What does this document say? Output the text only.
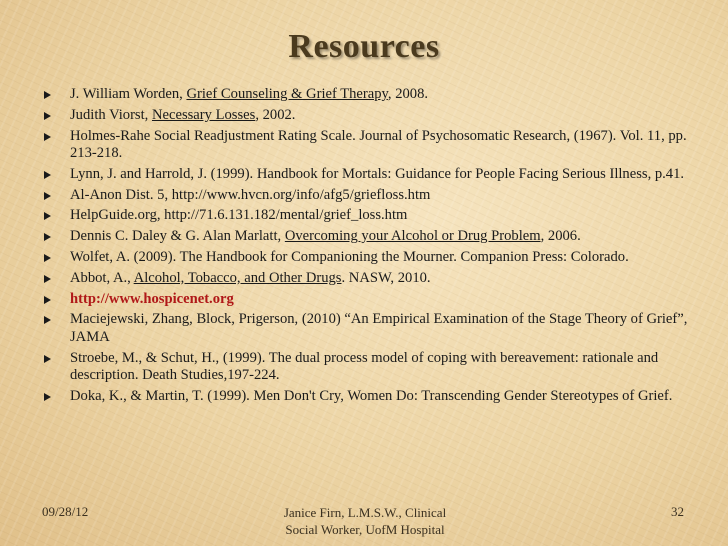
Resources
J. William Worden, Grief Counseling & Grief Therapy, 2008.
Judith Viorst, Necessary Losses, 2002.
Holmes-Rahe Social Readjustment Rating Scale. Journal of Psychosomatic Research, (1967). Vol. 11, pp. 213-218.
Lynn, J. and Harrold, J. (1999). Handbook for Mortals: Guidance for People Facing Serious Illness, p.41.
Al-Anon Dist. 5, http://www.hvcn.org/info/afg5/griefloss.htm
HelpGuide.org, http://71.6.131.182/mental/grief_loss.htm
Dennis C. Daley & G. Alan Marlatt, Overcoming your Alcohol or Drug Problem, 2006.
Wolfet, A. (2009). The Handbook for Companioning the Mourner. Companion Press: Colorado.
Abbot, A., Alcohol, Tobacco, and Other Drugs. NASW, 2010.
http://www.hospicenet.org
Maciejewski, Zhang, Block, Prigerson, (2010) “An Empirical Examination of the Stage Theory of Grief”, JAMA
Stroebe, M., & Schut, H., (1999). The dual process model of coping with bereavement: rationale and description. Death Studies,197-224.
Doka, K., & Martin, T. (1999). Men Don't Cry, Women Do: Transcending Gender Stereotypes of Grief.
09/28/12	Janice Firn, L.M.S.W., Clinical
Social Worker, UofM Hospital
32
